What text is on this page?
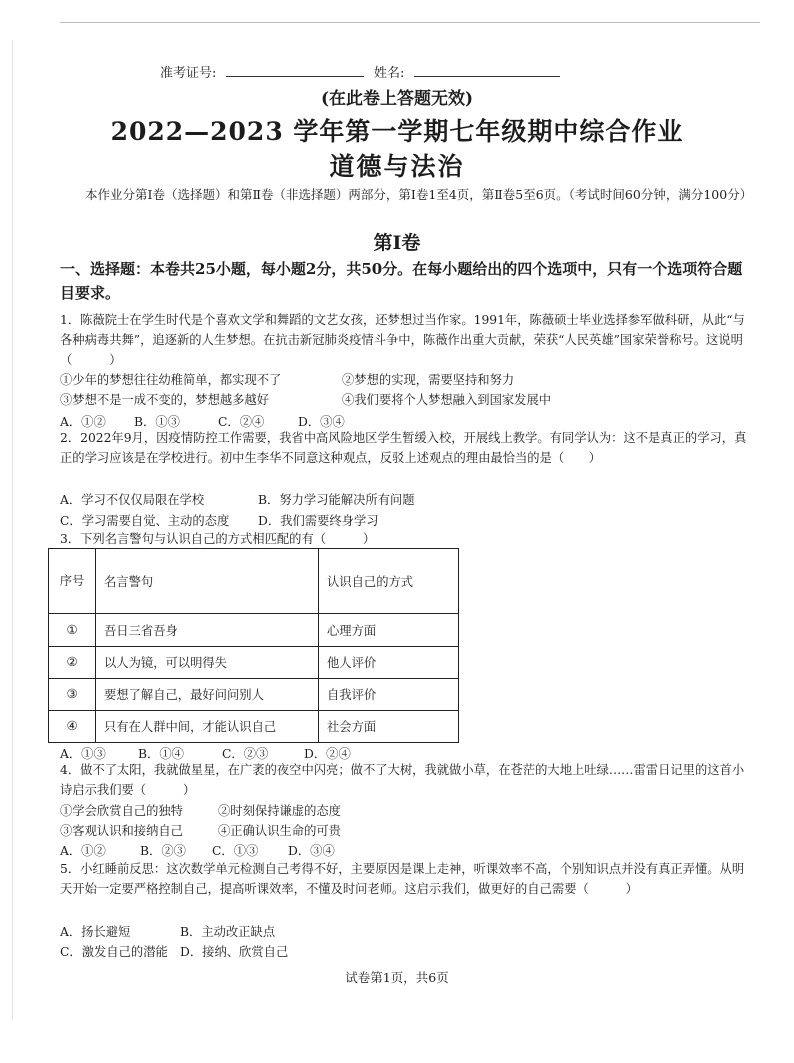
准考证号:	姓名:
(在此卷上答题无效)
2022—2023 学年第一学期七年级期中综合作业
道德与法治
本作业分第Ⅰ卷（选择题）和第Ⅱ卷（非选择题）两部分，第Ⅰ卷1至4页，第Ⅱ卷5至6页。（考试时间60分钟，满分100分）
第Ⅰ卷
一、选择题：本卷共25小题，每小题2分，共50分。在每小题给出的四个选项中，只有一个选项符合题目要求。
1．陈薇院士在学生时代是个喜欢文学和舞蹈的文艺女孩，还梦想过当作家。1991年，陈薇硕士毕业选择参军做科研，从此“与各种病毒共舞”，追逐新的人生梦想。在抗击新冠肺炎疫情斗争中，陈薇作出重大贡献，荣获“人民英雄”国家荣誉称号。这说明（　　　）
①少年的梦想往往幼稚简单，都实现不了	②梦想的实现，需要坚持和努力
③梦想不是一成不变的，梦想越多越好	④我们要将个人梦想融入到国家发展中
A．①② B．①③	C．②④	D．③④
2．2022年9月，因疫情防控工作需要，我省中高风险地区学生暂缓入校，开展线上教学。有同学认为：这不是真正的学习，真正的学习应该是在学校进行。初中生李华不同意这种观点，反驳上述观点的理由最恰当的是（　　）
A．学习不仅仅局限在学校	B．努力学习能解决所有问题
C．学习需要自觉、主动的态度 D．我们需要终身学习
3．下列名言警句与认识自己的方式相匹配的有（　　　）
序号	名言警句	认识自己的方式
①	吾日三省吾身	心理方面
②	以人为镜，可以明得失	他人评价
③	要想了解自己，最好问问别人	自我评价
④	只有在人群中间，才能认识自己	社会方面
A．①③	B．①④	C．②③	D．②④
4．做不了太阳，我就做星星，在广袤的夜空中闪亮；做不了大树，我就做小草，在苍茫的大地上吐绿……雷雷日记里的这首小诗启示我们要（　　　）
①学会欣赏自己的独特	②时刻保持谦虚的态度
③客观认识和接纳自己	④正确认识生命的可贵
A．①②	B．②③ C．①③ D．③④
5．小红睡前反思：这次数学单元检测自己考得不好，主要原因是课上走神，听课效率不高，个别知识点并没有真正弄懂。从明天开始一定要严格控制自己，提高听课效率，不懂及时问老师。这启示我们，做更好的自己需要（　　　）
A．扬长避短	B．主动改正缺点
C．激发自己的潜能 D．接纳、欣赏自己
试卷第1页，共6页
